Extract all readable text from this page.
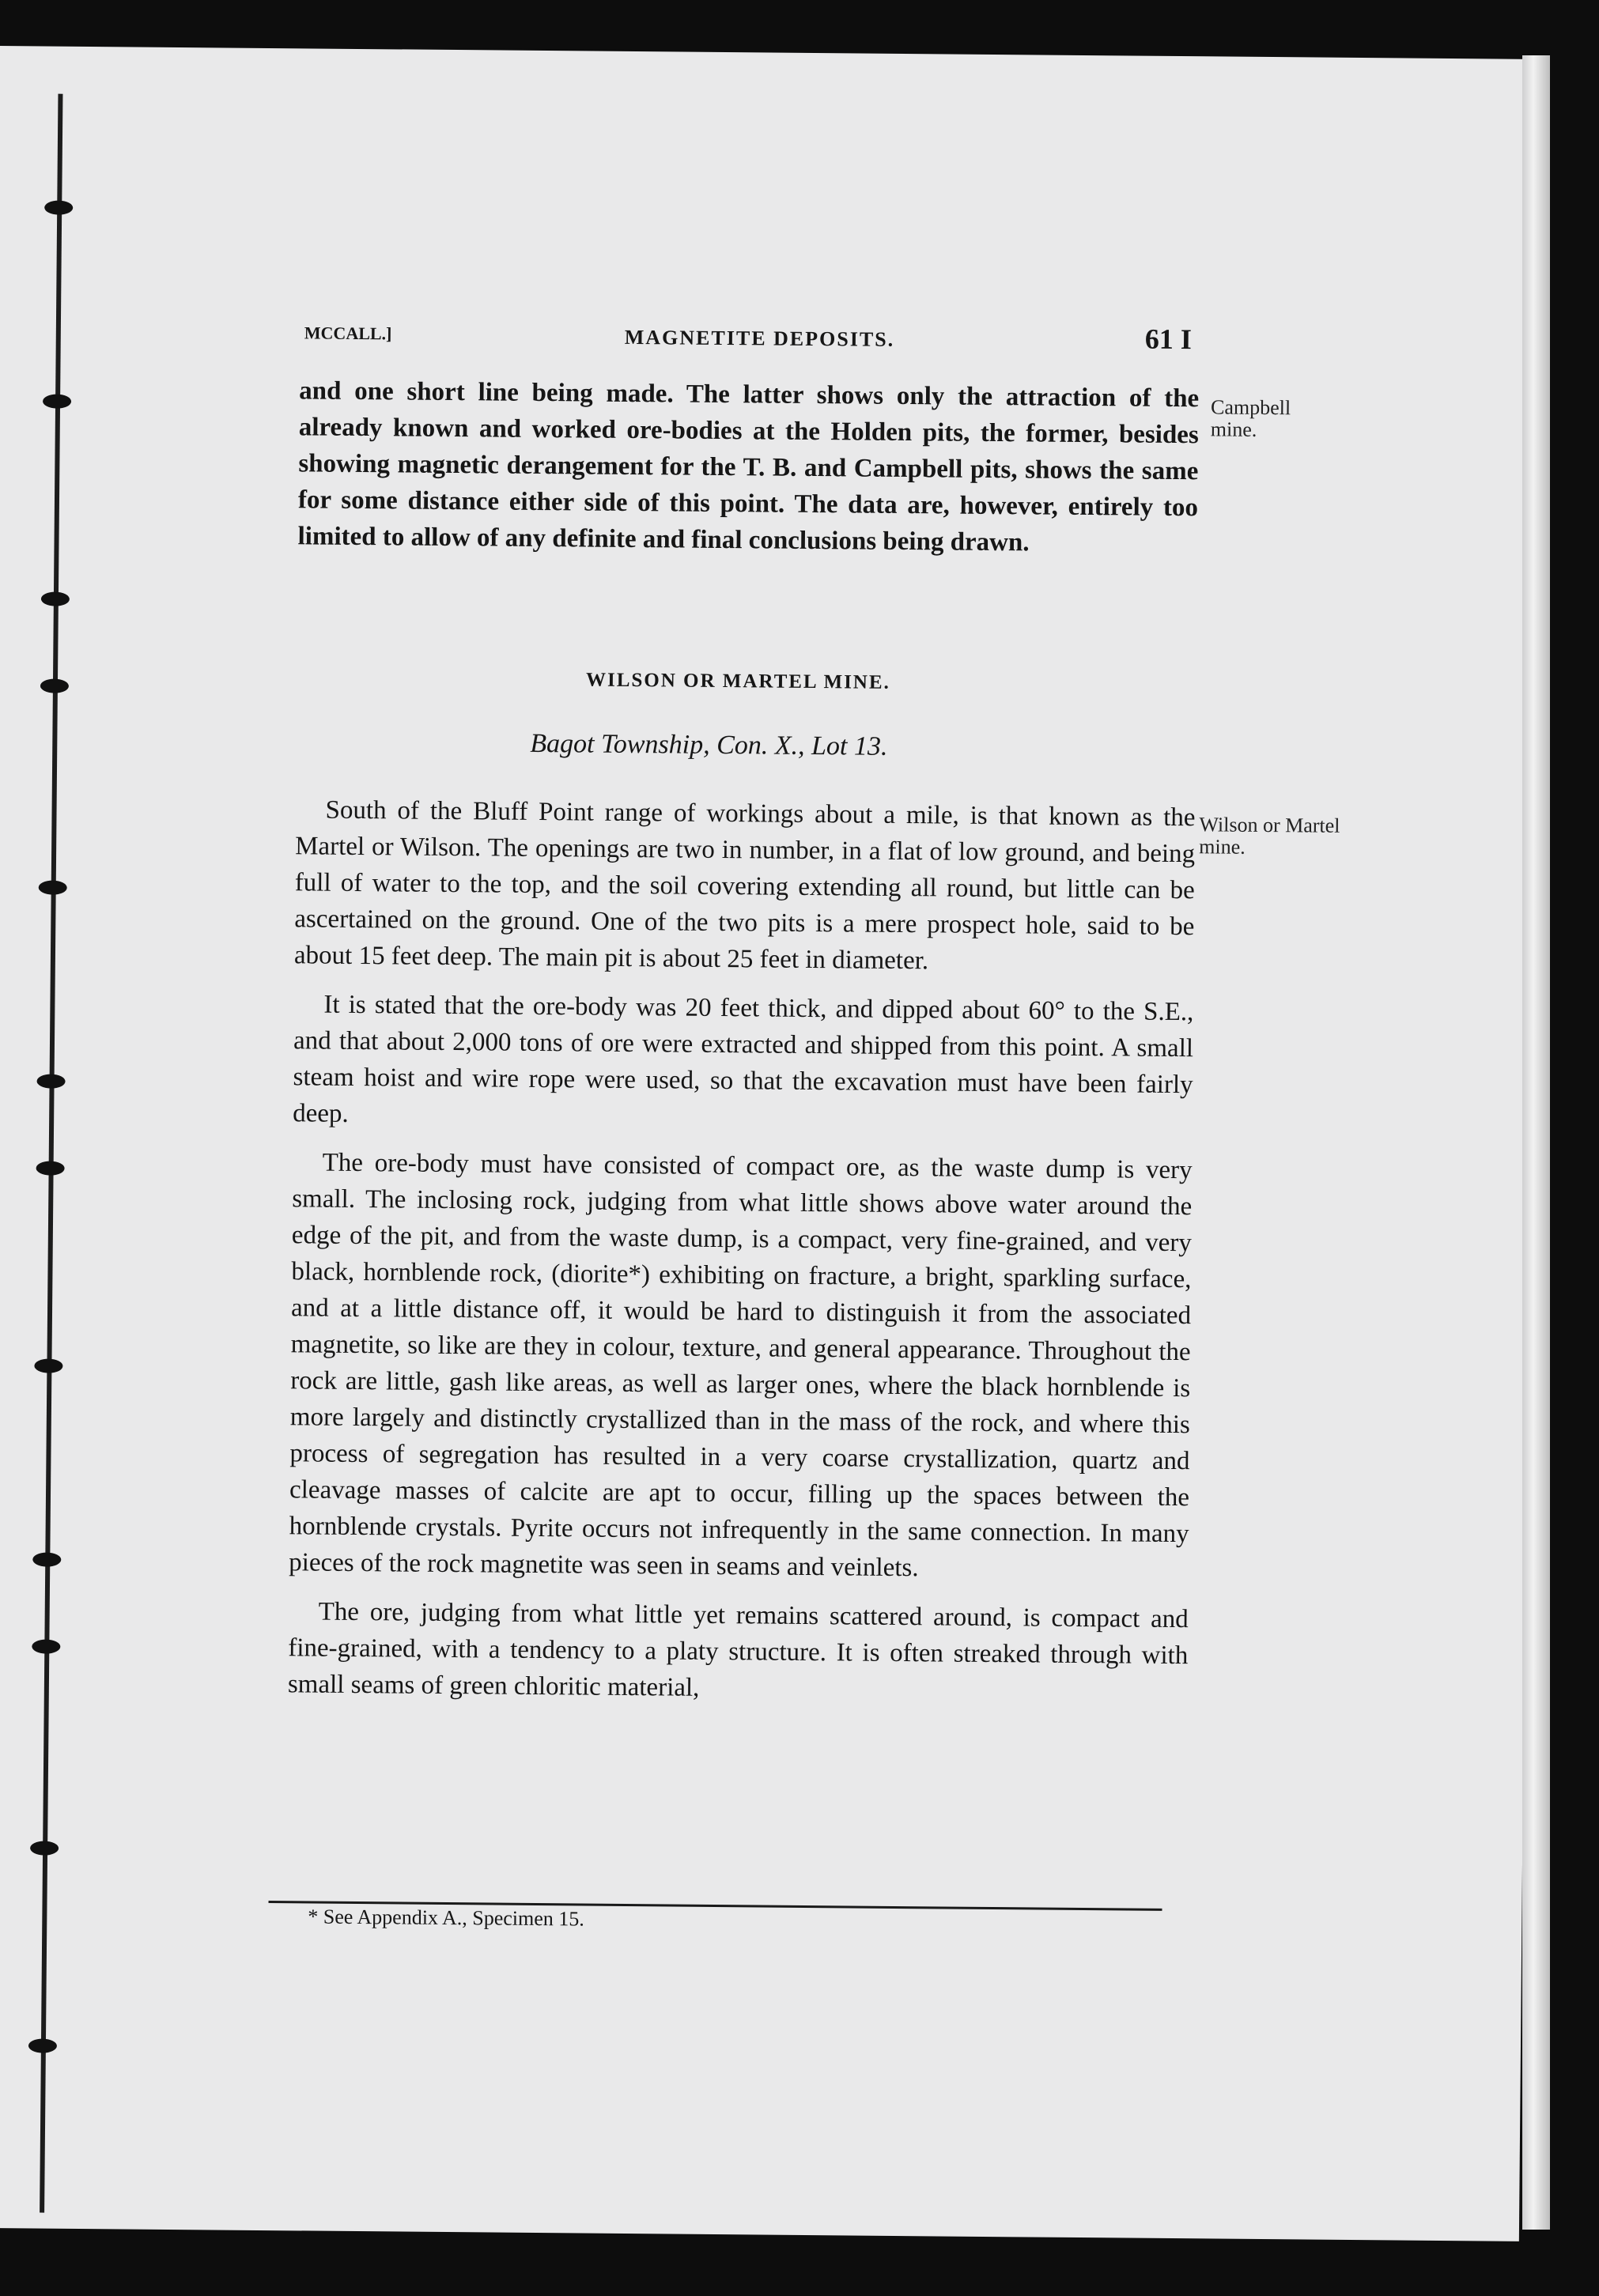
MCCALL.]	MAGNETITE DEPOSITS.	61 I

and one short line being made. The latter shows only the attraction of the already known and worked ore-bodies at the Holden pits, the former, besides showing magnetic derangement for the T. B. and Campbell pits, shows the same for some distance either side of this point. The data are, however, entirely too limited to allow of any definite and final conclusions being drawn.

Campbell mine.
WILSON OR MARTEL MINE.
Bagot Township, Con. X., Lot 13.

South of the Bluff Point range of workings about a mile, is that known as the Martel or Wilson. The openings are two in number, in a flat of low ground, and being full of water to the top, and the soil covering extending all round, but little can be ascertained on the ground. One of the two pits is a mere prospect hole, said to be about 15 feet deep. The main pit is about 25 feet in diameter.

It is stated that the ore-body was 20 feet thick, and dipped about 60° to the S.E., and that about 2,000 tons of ore were extracted and shipped from this point. A small steam hoist and wire rope were used, so that the excavation must have been fairly deep.

The ore-body must have consisted of compact ore, as the waste dump is very small. The inclosing rock, judging from what little shows above water around the edge of the pit, and from the waste dump, is a compact, very fine-grained, and very black, hornblende rock, (diorite*) exhibiting on fracture, a bright, sparkling surface, and at a little distance off, it would be hard to distinguish it from the associated magnetite, so like are they in colour, texture, and general appearance. Throughout the rock are little, gash like areas, as well as larger ones, where the black hornblende is more largely and distinctly crystallized than in the mass of the rock, and where this process of segregation has resulted in a very coarse crystallization, quartz and cleavage masses of calcite are apt to occur, filling up the spaces between the hornblende crystals. Pyrite occurs not infrequently in the same connection. In many pieces of the rock magnetite was seen in seams and veinlets.

The ore, judging from what little yet remains scattered around, is compact and fine-grained, with a tendency to a platy structure. It is often streaked through with small seams of green chloritic material,

Wilson or Martel mine.
* See Appendix A., Specimen 15.
